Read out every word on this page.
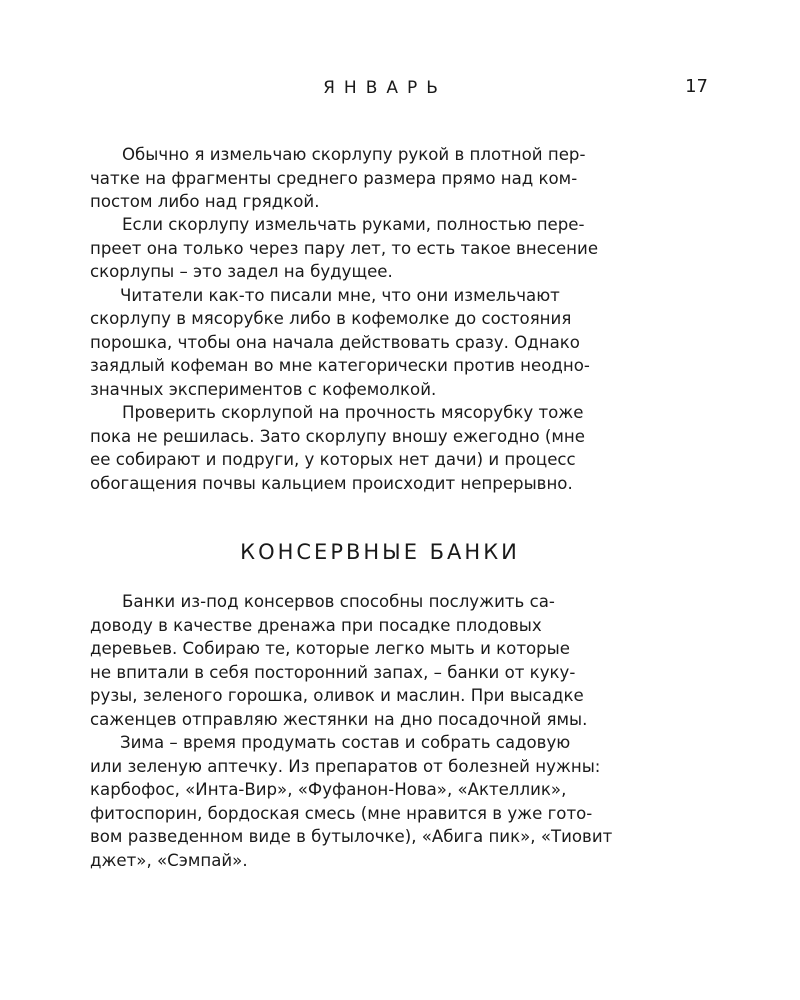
ЯНВАРЬ	17

Обычно я измельчаю скорлупу рукой в плотной пер-

чатке на фрагменты среднего размера прямо над ком-

постом либо над грядкой.

Если скорлупу измельчать руками, полностью пере-

преет она только через пару лет, то есть такое внесение

скорлупы – это задел на будущее.

Читатели как-то писали мне, что они измельчают

скорлупу в мясорубке либо в кофемолке до состояния

порошка, чтобы она начала действовать сразу. Однако

заядлый кофеман во мне категорически против неодно-

значных экспериментов с кофемолкой.

Проверить скорлупой на прочность мясорубку тоже

пока не решилась. Зато скорлупу вношу ежегодно (мне

ее собирают и подруги, у которых нет дачи) и процесс

обогащения почвы кальцием происходит непрерывно.

КОНСЕРВНЫЕ БАНКИ

Банки из-под консервов способны послужить са-

доводу в качестве дренажа при посадке плодовых

деревьев. Собираю те, которые легко мыть и которые

не впитали в себя посторонний запах, – банки от куку-

рузы, зеленого горошка, оливок и маслин. При высадке

саженцев отправляю жестянки на дно посадочной ямы.

Зима – время продумать состав и собрать садовую

или зеленую аптечку. Из препаратов от болезней нужны:

карбофос, «Инта-Вир», «Фуфанон-Нова», «Актеллик»,

фитоспорин, бордоская смесь (мне нравится в уже гото-

вом разведенном виде в бутылочке), «Абига пик», «Тиовит

джет», «Сэмпай».
